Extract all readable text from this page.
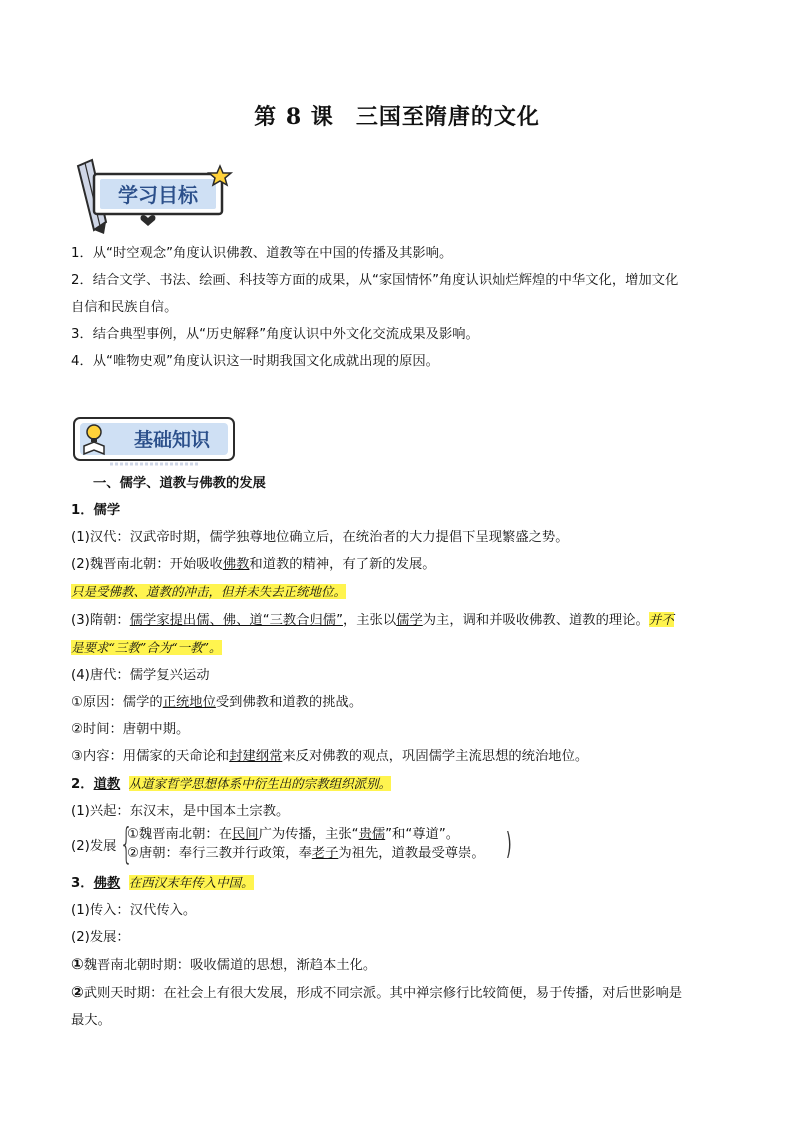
第 8 课 三国至隋唐的文化
学习目标

1．从“时空观念”角度认识佛教、道教等在中国的传播及其影响。

2．结合文学、书法、绘画、科技等方面的成果，从“家国情怀”角度认识灿烂辉煌的中华文化，增加文化

自信和民族自信。

3．结合典型事例，从“历史解释”角度认识中外文化交流成果及影响。

4．从“唯物史观”角度认识这一时期我国文化成就出现的原因。

基础知识

一、儒学、道教与佛教的发展

1．儒学

(1)汉代：汉武帝时期，儒学独尊地位确立后，在统治者的大力提倡下呈现繁盛之势。

(2)魏晋南北朝：开始吸收佛教和道教的精神，有了新的发展。

只是受佛教、道教的冲击，但并未失去正统地位。

(3)隋朝：儒学家提出儒、佛、道“三教合归儒”，主张以儒学为主，调和并吸收佛教、道教的理论。并不

是要求“三教”合为“一教”。

(4)唐代：儒学复兴运动

①原因：儒学的正统地位受到佛教和道教的挑战。

②时间：唐朝中期。

③内容：用儒家的天命论和封建纲常来反对佛教的观点，巩固儒学主流思想的统治地位。

2．道教 从道家哲学思想体系中衍生出的宗教组织派别。

(1)兴起：东汉末，是中国本土宗教。

(2)发展 {
①魏晋南北朝：在民间广为传播，主张“贵儒”和“尊道”。
②唐朝：奉行三教并行政策，奉老子为祖先，道教最受尊崇。 )

3．佛教 在西汉末年传入中国。

(1)传入：汉代传入。

(2)发展：

①魏晋南北朝时期：吸收儒道的思想，渐趋本土化。

②武则天时期：在社会上有很大发展，形成不同宗派。其中禅宗修行比较简便，易于传播，对后世影响是

最大。
